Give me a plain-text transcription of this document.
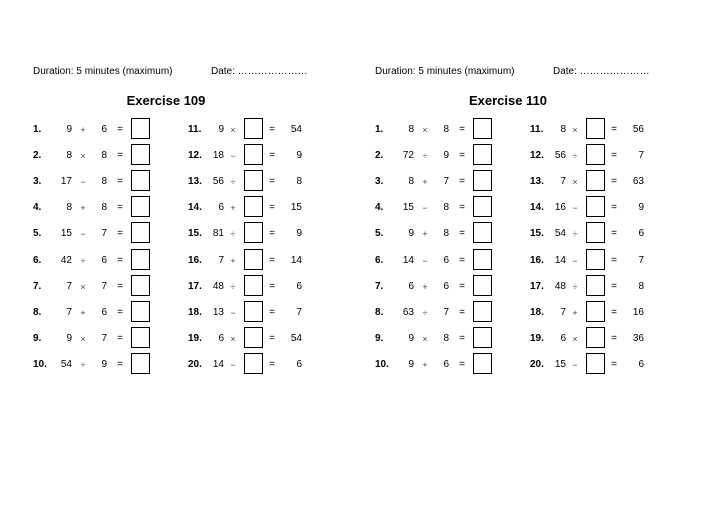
Duration: 5 minutes (maximum)	Date: …………………
Exercise 109
1.	9 +	6 =
2.	8 ×	8 =
3. 17 −	8 =
4.	8 +	8 =
5. 15 −	7 =
6. 42 ÷	6 =
7.	7 ×	7 =
8.	7 +	6 =
9.	9 ×	7 =
10. 54 ÷	9 =
11.	9 ×	=	54
12. 18 −	=	9
13. 56 ÷	=	8
14.	6 +	=	15
15. 81 ÷	=	9
16.	7 +	=	14
17. 48 ÷	=	6
18. 13 −	=	7
19.	6 ×	=	54
20. 14 −	=	6
Duration: 5 minutes (maximum)	Date: …………………
Exercise 110
1.	8 ×	8 =
2. 72 ÷	9 =
3.	8 +	7 =
4. 15 −	8 =
5.	9 +	8 =
6. 14 −	6 =
7.	6 +	6 =
8. 63 ÷	7 =
9.	9 ×	8 =
10.	9 +	6 =
11.	8 ×	=	56
12. 56 ÷	=	7
13.	7 ×	=	63
14. 16 −	=	9
15. 54 ÷	=	6
16. 14 −	=	7
17. 48 ÷	=	8
18.	7 +	=	16
19.	6 ×	=	36
20. 15 −	=	6
